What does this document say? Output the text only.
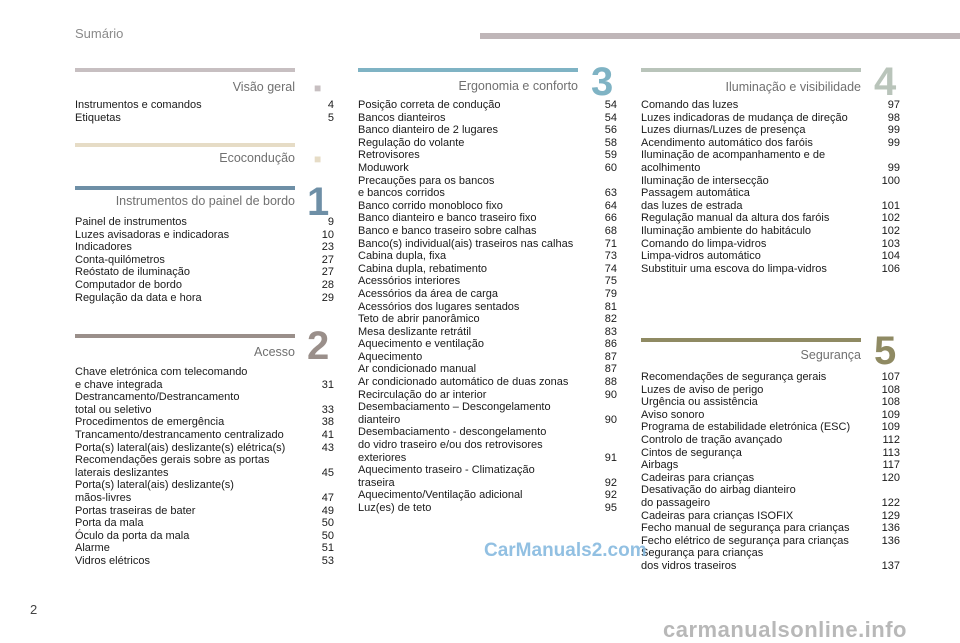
Sumário
Visão geral ■
Instrumentos e comandos	4
Etiquetas	5
Ecocondução ■
Instrumentos do painel de bordo 1
Painel de instrumentos	9
Luzes avisadoras e indicadoras	10
Indicadores	23
Conta-quilómetros	27
Reóstato de iluminação	27
Computador de bordo	28
Regulação da data e hora	29
Acesso 2
Chave eletrónica com telecomando
e chave integrada	31
Destrancamento/Destrancamento
total ou seletivo	33
Procedimentos de emergência	38
Trancamento/destrancamento centralizado	41
Porta(s) lateral(ais) deslizante(s) elétrica(s)	43
Recomendações gerais sobre as portas
laterais deslizantes	45
Porta(s) lateral(ais) deslizante(s)
mãos-livres	47
Portas traseiras de bater	49
Porta da mala	50
Óculo da porta da mala	50
Alarme	51
Vidros elétricos	53
Ergonomia e conforto 3
Posição correta de condução	54
Bancos dianteiros	54
Banco dianteiro de 2 lugares	56
Regulação do volante	58
Retrovisores	59
Moduwork	60
Precauções para os bancos
e bancos corridos	63
Banco corrido monobloco fixo	64
Banco dianteiro e banco traseiro fixo	66
Banco e banco traseiro sobre calhas	68
Banco(s) individual(ais) traseiros nas calhas	71
Cabina dupla, fixa	73
Cabina dupla, rebatimento	74
Acessórios interiores	75
Acessórios da área de carga	79
Acessórios dos lugares sentados	81
Teto de abrir panorâmico	82
Mesa deslizante retrátil	83
Aquecimento e ventilação	86
Aquecimento	87
Ar condicionado manual	87
Ar condicionado automático de duas zonas	88
Recirculação do ar interior	90
Desembaciamento – Descongelamento
dianteiro	90
Desembaciamento - descongelamento
do vidro traseiro e/ou dos retrovisores
exteriores	91
Aquecimento traseiro - Climatização
traseira	92
Aquecimento/Ventilação adicional	92
Luz(es) de teto	95
Iluminação e visibilidade 4
Comando das luzes	97
Luzes indicadoras de mudança de direção	98
Luzes diurnas/Luzes de presença	99
Acendimento automático dos faróis	99
Iluminação de acompanhamento e de
acolhimento	99
Iluminação de intersecção	100
Passagem automática
das luzes de estrada	101
Regulação manual da altura dos faróis	102
Iluminação ambiente do habitáculo	102
Comando do limpa-vidros	103
Limpa-vidros automático	104
Substituir uma escova do limpa-vidros	106
Segurança 5
Recomendações de segurança gerais	107
Luzes de aviso de perigo	108
Urgência ou assistência	108
Aviso sonoro	109
Programa de estabilidade eletrónica (ESC)	109
Controlo de tração avançado	112
Cintos de segurança	113
Airbags	117
Cadeiras para crianças	120
Desativação do airbag dianteiro
do passageiro	122
Cadeiras para crianças ISOFIX	129
Fecho manual de segurança para crianças	136
Fecho elétrico de segurança para crianças	136
Segurança para crianças
dos vidros traseiros	137
CarManuals2.com
2
carmanualsonline.info
